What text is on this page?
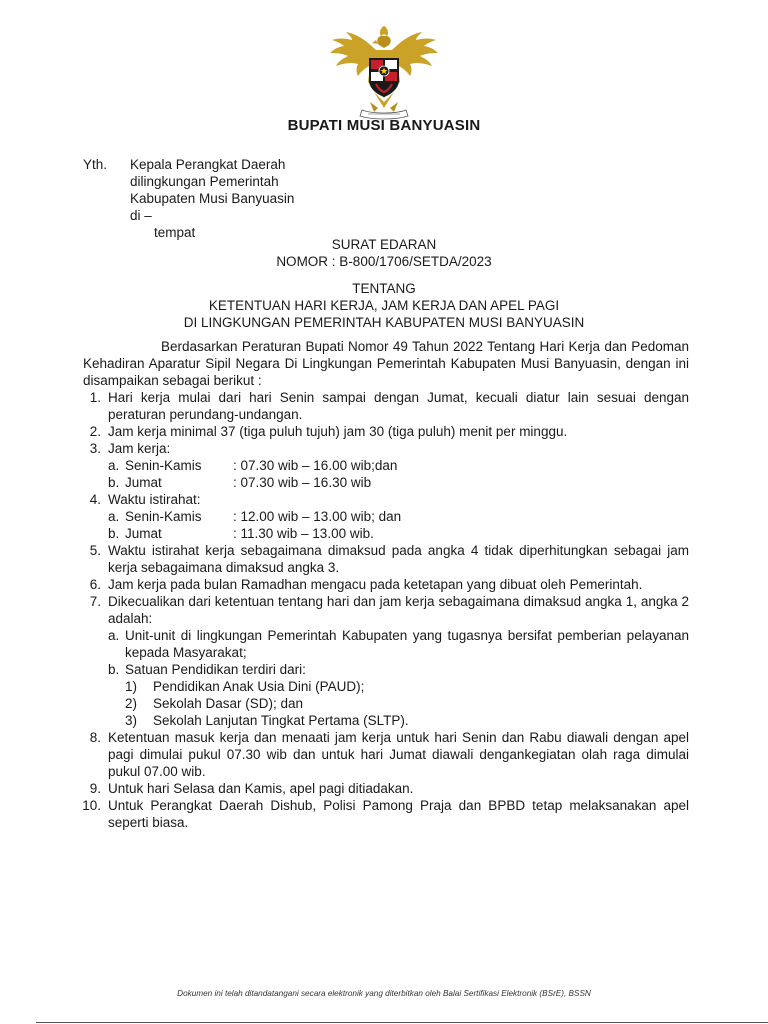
BUPATI MUSI BANYUASIN
Yth. Kepala Perangkat Daerah
dilingkungan Pemerintah
Kabupaten Musi Banyuasin
di –
tempat
SURAT EDARAN
NOMOR : B-800/1706/SETDA/2023
TENTANG
KETENTUAN HARI KERJA, JAM KERJA DAN APEL PAGI
DI LINGKUNGAN PEMERINTAH KABUPATEN MUSI BANYUASIN

Berdasarkan Peraturan Bupati Nomor 49 Tahun 2022 Tentang Hari Kerja dan Pedoman Kehadiran Aparatur Sipil Negara Di Lingkungan Pemerintah Kabupaten Musi Banyuasin, dengan ini disampaikan sebagai berikut :

1. Hari kerja mulai dari hari Senin sampai dengan Jumat, kecuali diatur lain sesuai dengan peraturan perundang-undangan.
2. Jam kerja minimal 37 (tiga puluh tujuh) jam 30 (tiga puluh) menit per minggu.
3. Jam kerja:
a. Senin-Kamis	: 07.30 wib – 16.00 wib;dan
b. Jumat	: 07.30 wib – 16.30 wib
4. Waktu istirahat:
a. Senin-Kamis	: 12.00 wib – 13.00 wib; dan
b. Jumat	: 11.30 wib – 13.00 wib.
5. Waktu istirahat kerja sebagaimana dimaksud pada angka 4 tidak diperhitungkan sebagai jam kerja sebagaimana dimaksud angka 3.
6. Jam kerja pada bulan Ramadhan mengacu pada ketetapan yang dibuat oleh Pemerintah.
7. Dikecualikan dari ketentuan tentang hari dan jam kerja sebagaimana dimaksud angka 1, angka 2 adalah:
a. Unit-unit di lingkungan Pemerintah Kabupaten yang tugasnya bersifat pemberian pelayanan kepada Masyarakat;
b. Satuan Pendidikan terdiri dari:
1) Pendidikan Anak Usia Dini (PAUD);
2) Sekolah Dasar (SD); dan
3) Sekolah Lanjutan Tingkat Pertama (SLTP).
8. Ketentuan masuk kerja dan menaati jam kerja untuk hari Senin dan Rabu diawali dengan apel pagi dimulai pukul 07.30 wib dan untuk hari Jumat diawali dengankegiatan olah raga dimulai pukul 07.00 wib.
9. Untuk hari Selasa dan Kamis, apel pagi ditiadakan.
10. Untuk Perangkat Daerah Dishub, Polisi Pamong Praja dan BPBD tetap melaksanakan apel seperti biasa.
Dokumen ini telah ditandatangani secara elektronik yang diterbitkan oleh Balai Sertifikasi Elektronik (BSrE), BSSN
